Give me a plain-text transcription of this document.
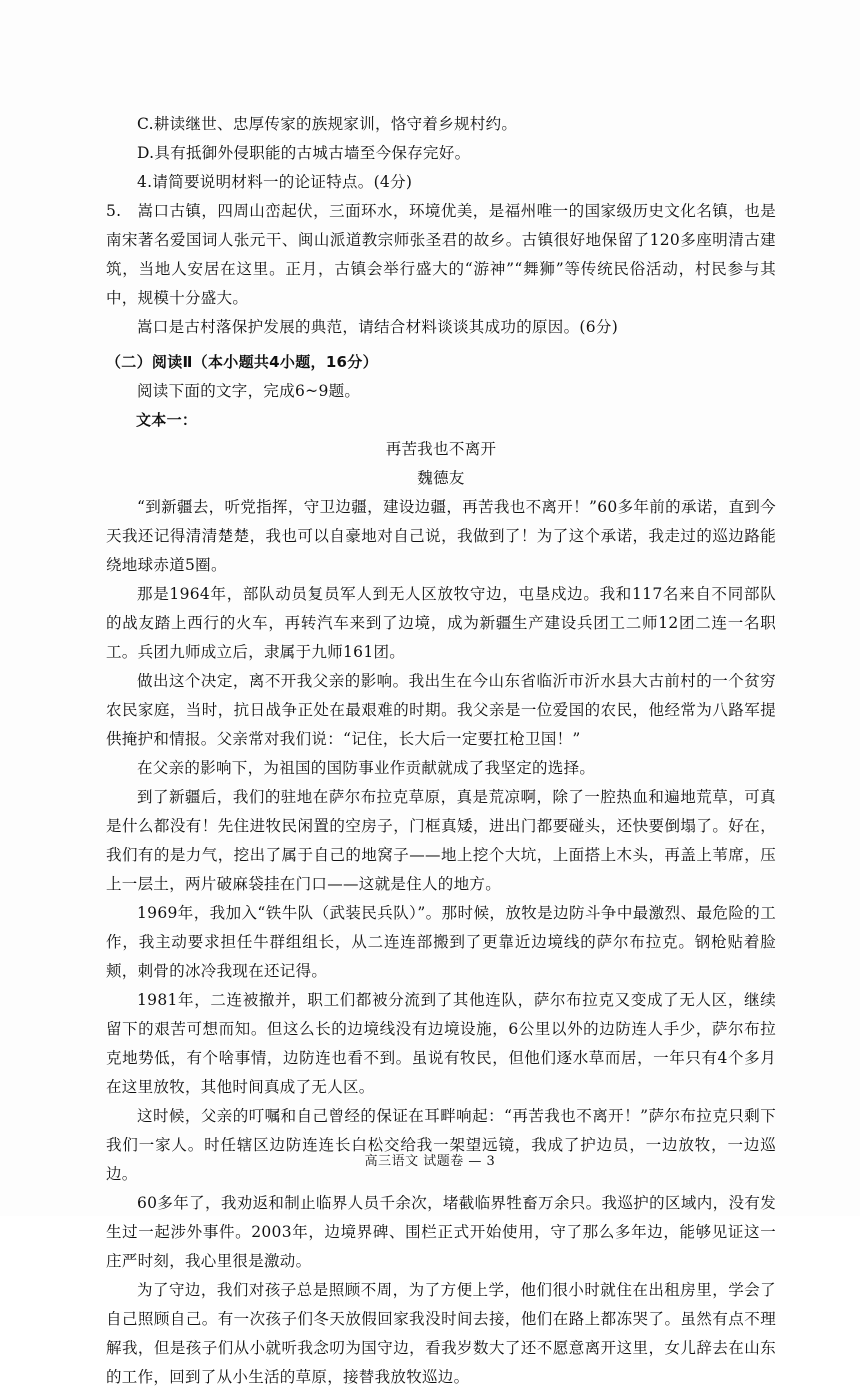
C.耕读继世、忠厚传家的族规家训，恪守着乡规村约。

D.具有抵御外侵职能的古城古墙至今保存完好。

4.请简要说明材料一的论证特点。(4分)

5.　嵩口古镇，四周山峦起伏，三面环水，环境优美，是福州唯一的国家级历史文化名镇，也是南宋著名爱国词人张元干、闽山派道教宗师张圣君的故乡。古镇很好地保留了120多座明清古建筑，当地人安居在这里。正月，古镇会举行盛大的“游神”“舞狮”等传统民俗活动，村民参与其中，规模十分盛大。

嵩口是古村落保护发展的典范，请结合材料谈谈其成功的原因。(6分)

（二）阅读Ⅱ（本小题共4小题，16分）

阅读下面的文字，完成6~9题。

文本一：

再苦我也不离开

魏德友

“到新疆去，听党指挥，守卫边疆，建设边疆，再苦我也不离开！”60多年前的承诺，直到今天我还记得清清楚楚，我也可以自豪地对自己说，我做到了！为了这个承诺，我走过的巡边路能绕地球赤道5圈。

那是1964年，部队动员复员军人到无人区放牧守边，屯垦戍边。我和117名来自不同部队的战友踏上西行的火车，再转汽车来到了边境，成为新疆生产建设兵团工二师12团二连一名职工。兵团九师成立后，隶属于九师161团。

做出这个决定，离不开我父亲的影响。我出生在今山东省临沂市沂水县大古前村的一个贫穷农民家庭，当时，抗日战争正处在最艰难的时期。我父亲是一位爱国的农民，他经常为八路军提供掩护和情报。父亲常对我们说：“记住，长大后一定要扛枪卫国！”

在父亲的影响下，为祖国的国防事业作贡献就成了我坚定的选择。

到了新疆后，我们的驻地在萨尔布拉克草原，真是荒凉啊，除了一腔热血和遍地荒草，可真是什么都没有！先住进牧民闲置的空房子，门框真矮，进出门都要碰头，还快要倒塌了。好在，我们有的是力气，挖出了属于自己的地窝子——地上挖个大坑，上面搭上木头，再盖上苇席，压上一层土，两片破麻袋挂在门口——这就是住人的地方。

1969年，我加入“铁牛队（武装民兵队）”。那时候，放牧是边防斗争中最激烈、最危险的工作，我主动要求担任牛群组组长，从二连连部搬到了更靠近边境线的萨尔布拉克。钢枪贴着脸颊，刺骨的冰冷我现在还记得。

1981年，二连被撤并，职工们都被分流到了其他连队，萨尔布拉克又变成了无人区，继续留下的艰苦可想而知。但这么长的边境线没有边境设施，6公里以外的边防连人手少，萨尔布拉克地势低，有个啥事情，边防连也看不到。虽说有牧民，但他们逐水草而居，一年只有4个多月在这里放牧，其他时间真成了无人区。

这时候，父亲的叮嘱和自己曾经的保证在耳畔响起：“再苦我也不离开！”萨尔布拉克只剩下我们一家人。时任辖区边防连连长白松交给我一架望远镜，我成了护边员，一边放牧，一边巡边。

60多年了，我劝返和制止临界人员千余次，堵截临界牲畜万余只。我巡护的区域内，没有发生过一起涉外事件。2003年，边境界碑、围栏正式开始使用，守了那么多年边，能够见证这一庄严时刻，我心里很是激动。

为了守边，我们对孩子总是照顾不周，为了方便上学，他们很小时就住在出租房里，学会了自己照顾自己。有一次孩子们冬天放假回家我没时间去接，他们在路上都冻哭了。虽然有点不理解我，但是孩子们从小就听我念叨为国守边，看我岁数大了还不愿意离开这里，女儿辞去在山东的工作，回到了从小生活的草原，接替我放牧巡边。

高三语文 试题卷 — 3
